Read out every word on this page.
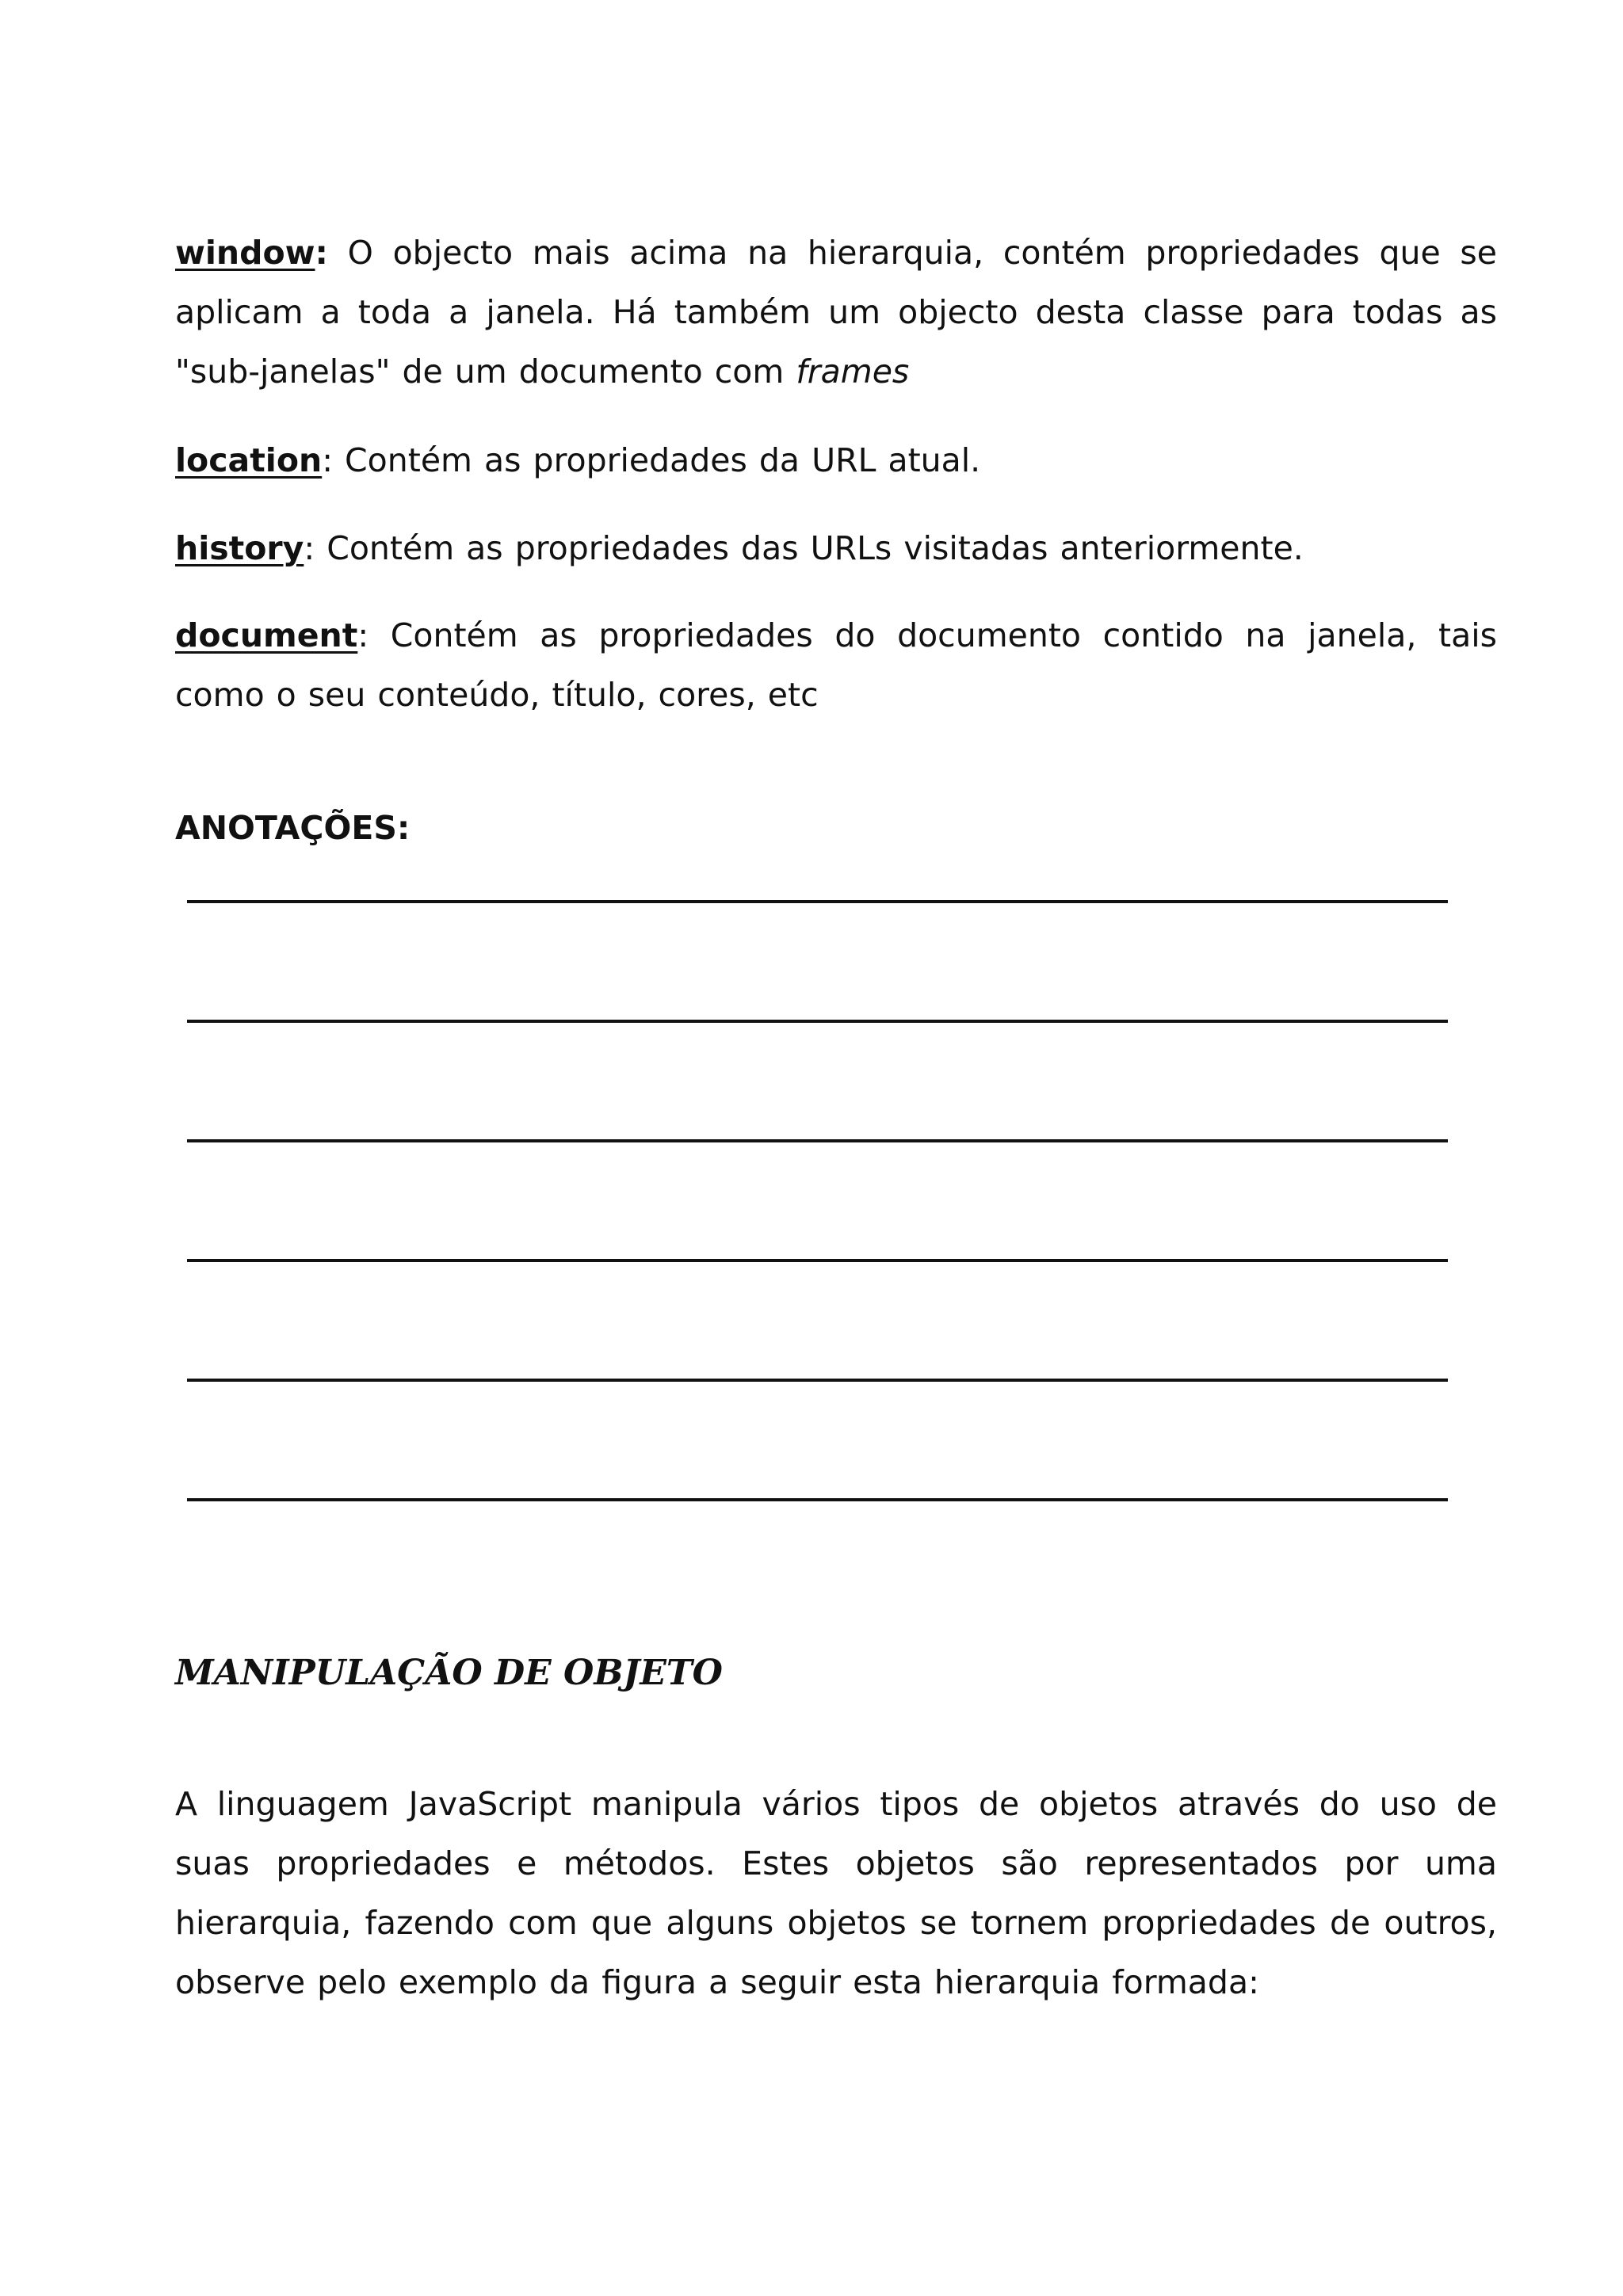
window: O objecto mais acima na hierarquia, contém propriedades que se aplicam a toda a janela. Há também um objecto desta classe para todas as "sub-janelas" de um documento com frames

location: Contém as propriedades da URL atual.

history: Contém as propriedades das URLs visitadas anteriormente.

document: Contém as propriedades do documento contido na janela, tais como o seu conteúdo, título, cores, etc

ANOTAÇÕES:
MANIPULAÇÃO DE OBJETO

A linguagem JavaScript manipula vários tipos de objetos através do uso de suas propriedades e métodos. Estes objetos são representados por uma hierarquia, fazendo com que alguns objetos se tornem propriedades de outros, observe pelo exemplo da figura a seguir esta hierarquia formada:
